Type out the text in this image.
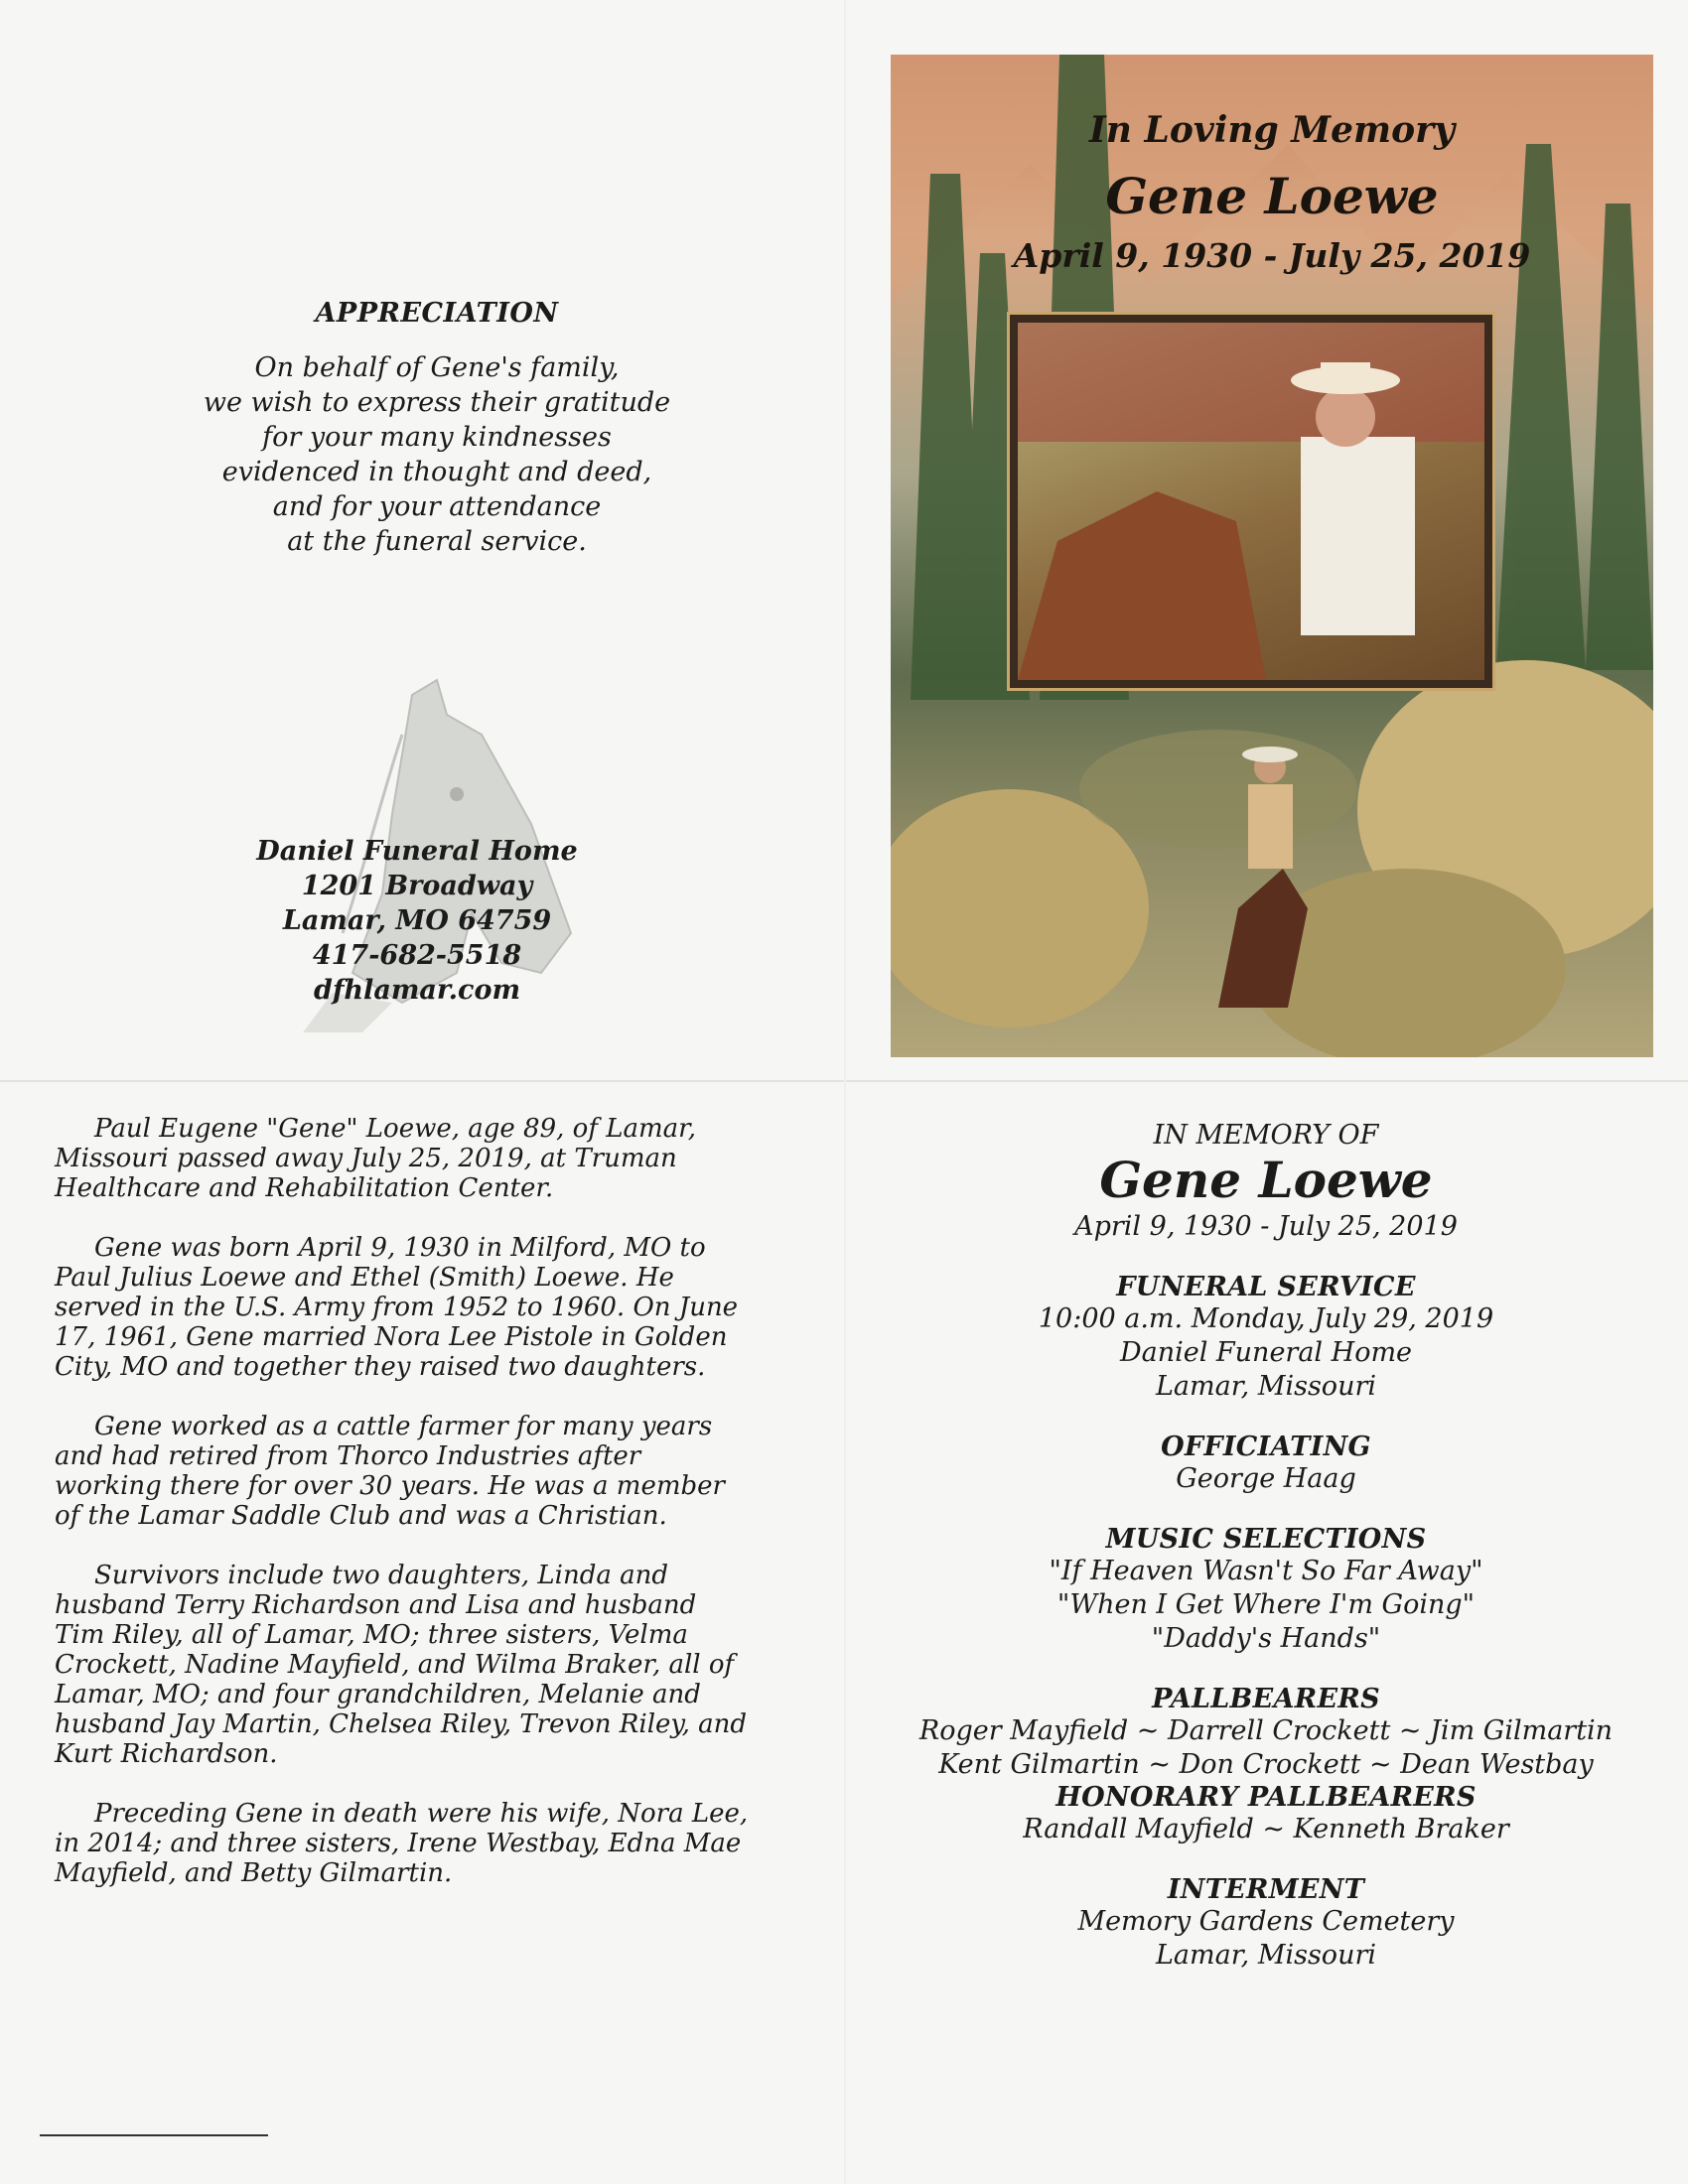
APPRECIATION
On behalf of Gene's family,
we wish to express their gratitude
for your many kindnesses
evidenced in thought and deed,
and for your attendance
at the funeral service.
Daniel Funeral Home
1201 Broadway
Lamar, MO 64759
417-682-5518
dfhlamar.com
In Loving Memory
Gene Loewe
April 9, 1930 - July 25, 2019

Paul Eugene "Gene" Loewe, age 89, of Lamar, Missouri passed away July 25, 2019, at Truman Healthcare and Rehabilitation Center.

Gene was born April 9, 1930 in Milford, MO to Paul Julius Loewe and Ethel (Smith) Loewe. He served in the U.S. Army from 1952 to 1960. On June 17, 1961, Gene married Nora Lee Pistole in Golden City, MO and together they raised two daughters.

Gene worked as a cattle farmer for many years and had retired from Thorco Industries after working there for over 30 years. He was a member of the Lamar Saddle Club and was a Christian.

Survivors include two daughters, Linda and husband Terry Richardson and Lisa and husband Tim Riley, all of Lamar, MO; three sisters, Velma Crockett, Nadine Mayfield, and Wilma Braker, all of Lamar, MO; and four grandchildren, Melanie and husband Jay Martin, Chelsea Riley, Trevon Riley, and Kurt Richardson.

Preceding Gene in death were his wife, Nora Lee, in 2014; and three sisters, Irene Westbay, Edna Mae Mayfield, and Betty Gilmartin.

IN MEMORY OF
Gene Loewe
April 9, 1930 - July 25, 2019
FUNERAL SERVICE
10:00 a.m. Monday, July 29, 2019
Daniel Funeral Home
Lamar, Missouri
OFFICIATING
George Haag
MUSIC SELECTIONS
"If Heaven Wasn't So Far Away"
"When I Get Where I'm Going"
"Daddy's Hands"
PALLBEARERS
Roger Mayfield ~ Darrell Crockett ~ Jim Gilmartin
Kent Gilmartin ~ Don Crockett ~ Dean Westbay
HONORARY PALLBEARERS
Randall Mayfield ~ Kenneth Braker
INTERMENT
Memory Gardens Cemetery
Lamar, Missouri
